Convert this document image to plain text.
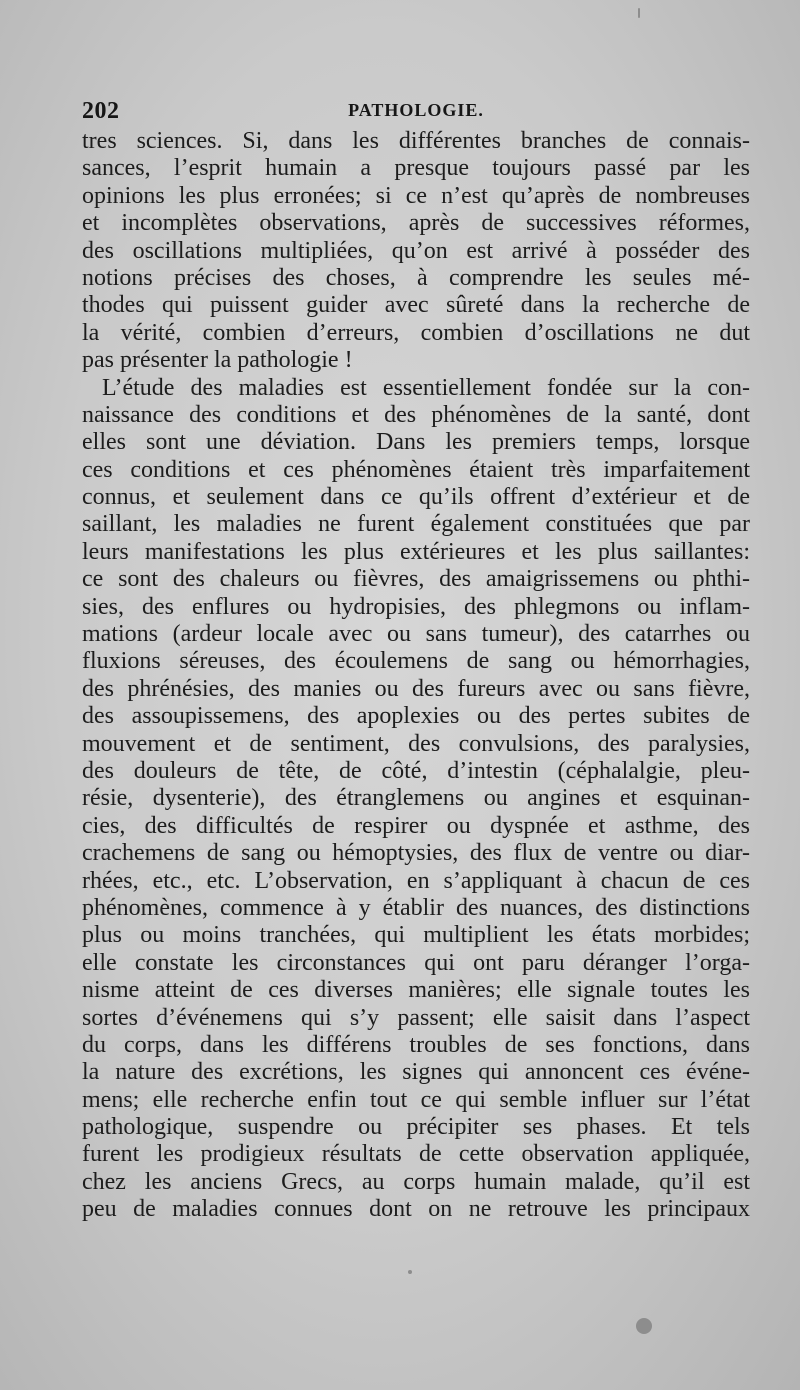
202	PATHOLOGIE.
tres sciences. Si, dans les différentes branches de connais-
sances, l’esprit humain a presque toujours passé par les
opinions les plus erronées; si ce n’est qu’après de nombreuses
et incomplètes observations, après de successives réformes,
des oscillations multipliées, qu’on est arrivé à posséder des
notions précises des choses, à comprendre les seules mé-
thodes qui puissent guider avec sûreté dans la recherche de
la vérité, combien d’erreurs, combien d’oscillations ne dut
pas présenter la pathologie !
L’étude des maladies est essentiellement fondée sur la con-
naissance des conditions et des phénomènes de la santé, dont
elles sont une déviation. Dans les premiers temps, lorsque
ces conditions et ces phénomènes étaient très imparfaitement
connus, et seulement dans ce qu’ils offrent d’extérieur et de
saillant, les maladies ne furent également constituées que par
leurs manifestations les plus extérieures et les plus saillantes:
ce sont des chaleurs ou fièvres, des amaigrissemens ou phthi-
sies, des enflures ou hydropisies, des phlegmons ou inflam-
mations (ardeur locale avec ou sans tumeur), des catarrhes ou
fluxions séreuses, des écoulemens de sang ou hémorrhagies,
des phrénésies, des manies ou des fureurs avec ou sans fièvre,
des assoupissemens, des apoplexies ou des pertes subites de
mouvement et de sentiment, des convulsions, des paralysies,
des douleurs de tête, de côté, d’intestin (céphalalgie, pleu-
résie, dysenterie), des étranglemens ou angines et esquinan-
cies, des difficultés de respirer ou dyspnée et asthme, des
crachemens de sang ou hémoptysies, des flux de ventre ou diar-
rhées, etc., etc. L’observation, en s’appliquant à chacun de ces
phénomènes, commence à y établir des nuances, des distinctions
plus ou moins tranchées, qui multiplient les états morbides;
elle constate les circonstances qui ont paru déranger l’orga-
nisme atteint de ces diverses manières; elle signale toutes les
sortes d’événemens qui s’y passent; elle saisit dans l’aspect
du corps, dans les différens troubles de ses fonctions, dans
la nature des excrétions, les signes qui annoncent ces événe-
mens; elle recherche enfin tout ce qui semble influer sur l’état
pathologique, suspendre ou précipiter ses phases. Et tels
furent les prodigieux résultats de cette observation appliquée,
chez les anciens Grecs, au corps humain malade, qu’il est
peu de maladies connues dont on ne retrouve les principaux
